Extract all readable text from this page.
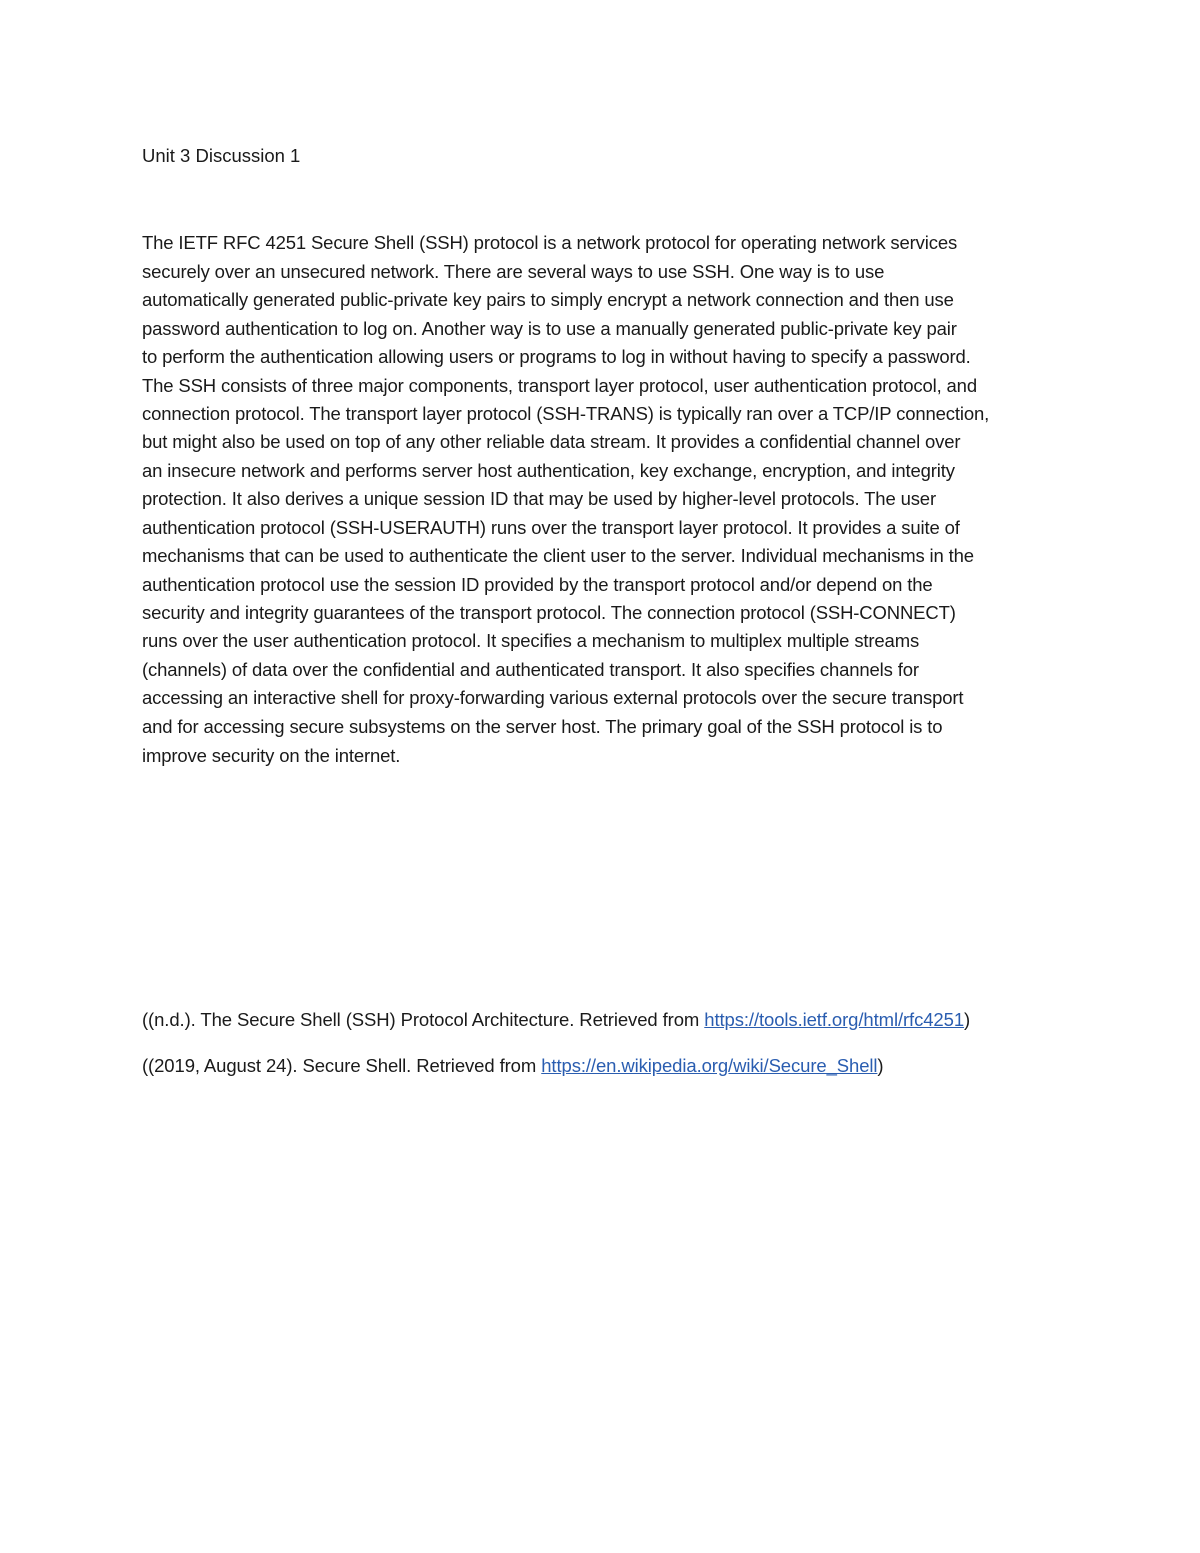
Unit 3 Discussion 1
The IETF RFC 4251 Secure Shell (SSH) protocol is a network protocol for operating network services
securely over an unsecured network. There are several ways to use SSH. One way is to use
automatically generated public-private key pairs to simply encrypt a network connection and then use
password authentication to log on. Another way is to use a manually generated public-private key pair
to perform the authentication allowing users or programs to log in without having to specify a password.
The SSH consists of three major components, transport layer protocol, user authentication protocol, and
connection protocol. The transport layer protocol (SSH-TRANS) is typically ran over a TCP/IP connection,
but might also be used on top of any other reliable data stream. It provides a confidential channel over
an insecure network and performs server host authentication, key exchange, encryption, and integrity
protection. It also derives a unique session ID that may be used by higher-level protocols. The user
authentication protocol (SSH-USERAUTH) runs over the transport layer protocol. It provides a suite of
mechanisms that can be used to authenticate the client user to the server. Individual mechanisms in the
authentication protocol use the session ID provided by the transport protocol and/or depend on the
security and integrity guarantees of the transport protocol. The connection protocol (SSH-CONNECT)
runs over the user authentication protocol. It specifies a mechanism to multiplex multiple streams
(channels) of data over the confidential and authenticated transport. It also specifies channels for
accessing an interactive shell for proxy-forwarding various external protocols over the secure transport
and for accessing secure subsystems on the server host. The primary goal of the SSH protocol is to
improve security on the internet.
((n.d.). The Secure Shell (SSH) Protocol Architecture. Retrieved from https://tools.ietf.org/html/rfc4251)
((2019, August 24). Secure Shell. Retrieved from https://en.wikipedia.org/wiki/Secure_Shell)
